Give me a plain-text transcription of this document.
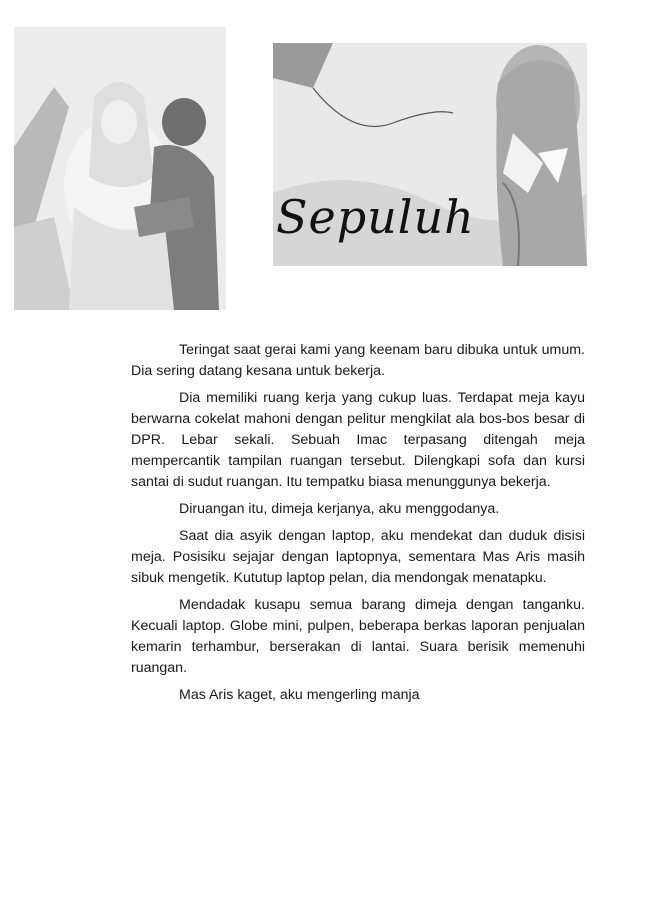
Sepuluh

Teringat saat gerai kami yang keenam baru dibuka untuk umum. Dia sering datang kesana untuk bekerja.

Dia memiliki ruang kerja yang cukup luas. Terdapat meja kayu berwarna cokelat mahoni dengan pelitur mengkilat ala bos-bos besar di DPR. Lebar sekali. Sebuah Imac terpasang ditengah meja mempercantik tampilan ruangan tersebut. Dilengkapi sofa dan kursi santai di sudut ruangan. Itu tempatku biasa menunggunya bekerja.

Diruangan itu, dimeja kerjanya, aku menggodanya.

Saat dia asyik dengan laptop, aku mendekat dan duduk disisi meja. Posisiku sejajar dengan laptopnya, sementara Mas Aris masih sibuk mengetik. Kututup laptop pelan, dia mendongak menatapku.

Mendadak kusapu semua barang dimeja dengan tanganku. Kecuali laptop. Globe mini, pulpen, beberapa berkas laporan penjualan kemarin terhambur, berserakan di lantai. Suara berisik memenuhi ruangan.

Mas Aris kaget, aku mengerling manja
